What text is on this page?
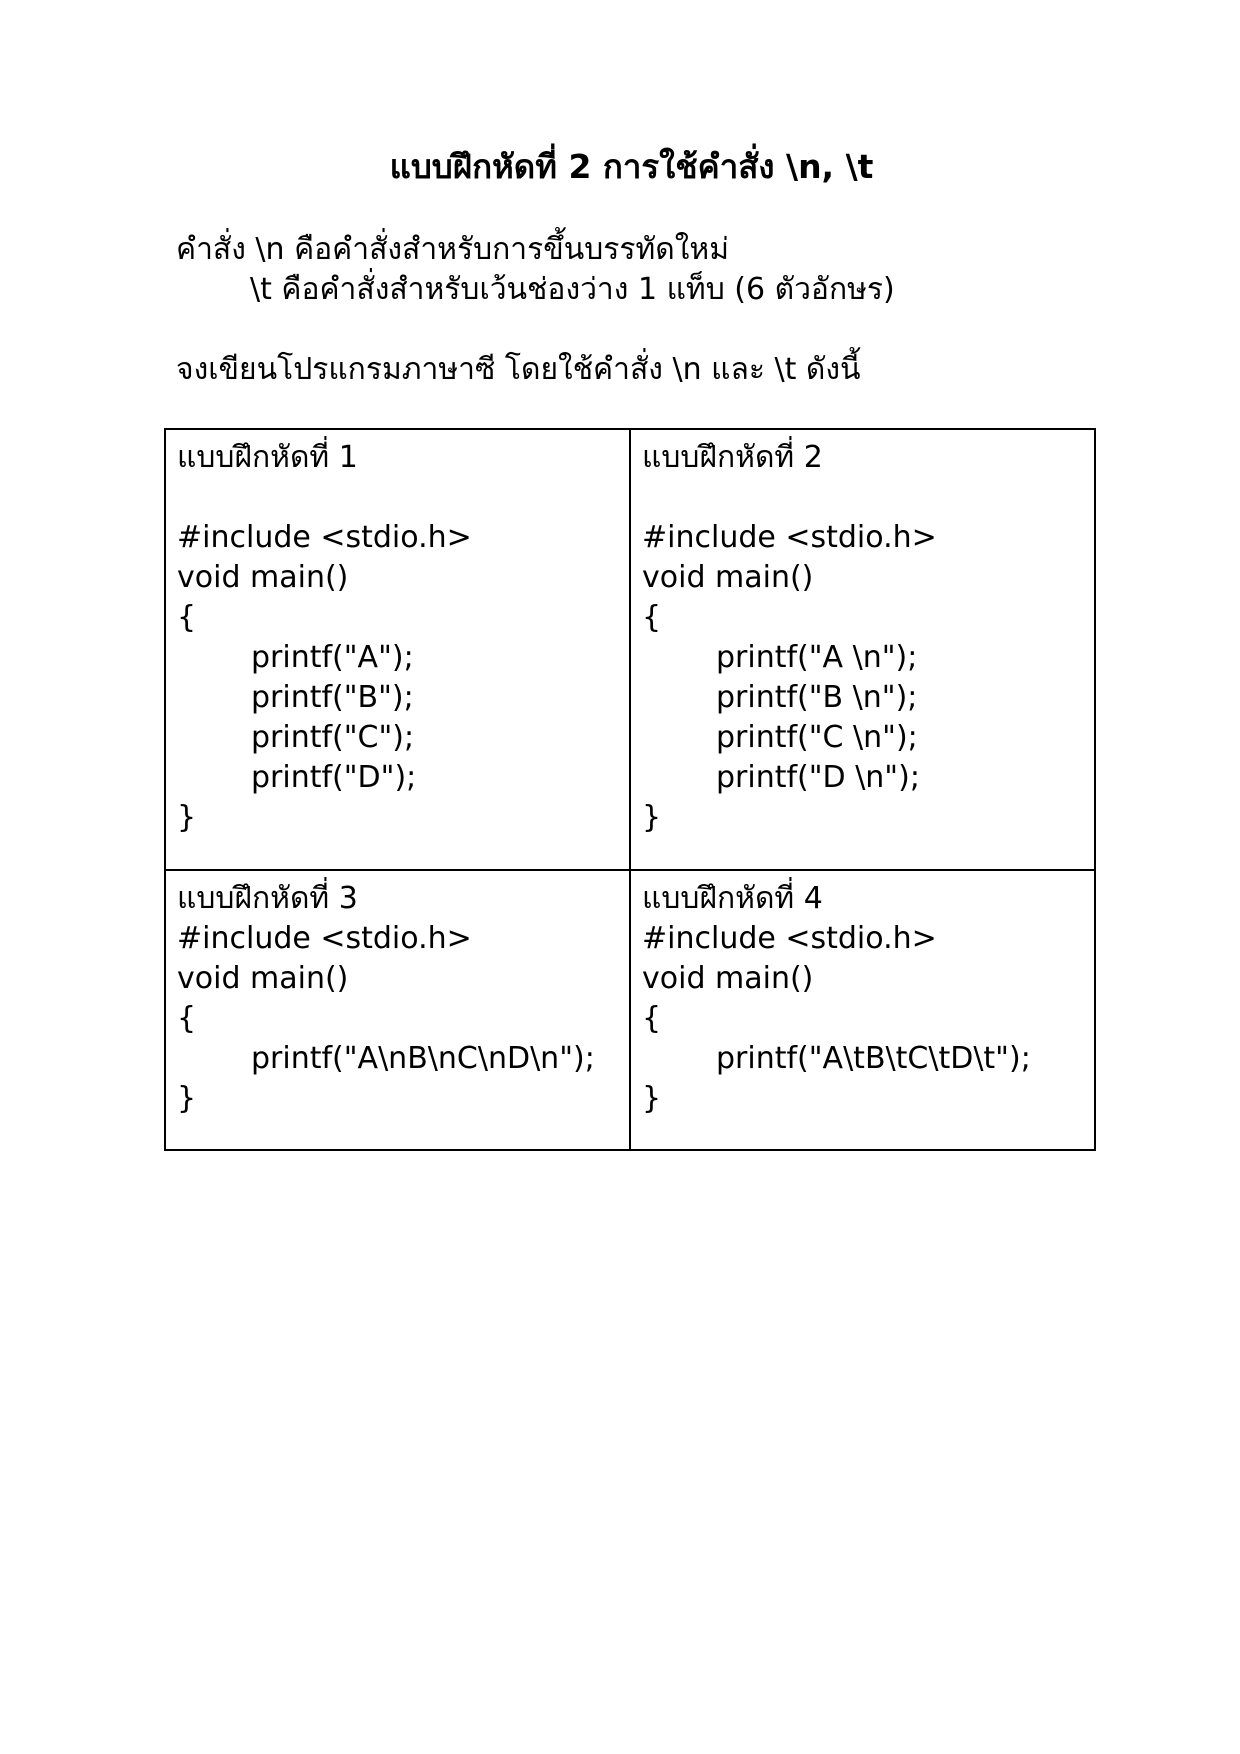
แบบฝึกหัดที่ 2 การใช้คำสั่ง \n, \t
คำสั่ง \n คือคำสั่งสำหรับการขึ้นบรรทัดใหม่
\t คือคำสั่งสำหรับเว้นช่องว่าง 1 แท็บ (6 ตัวอักษร)
จงเขียนโปรแกรมภาษาซี โดยใช้คำสั่ง \n และ \t ดังนี้
แบบฝึกหัดที่ 1
#include <stdio.h>
void main()
{
printf("A");
printf("B");
printf("C");
printf("D");
}
แบบฝึกหัดที่ 2
#include <stdio.h>
void main()
{
printf("A \n");
printf("B \n");
printf("C \n");
printf("D \n");
}
แบบฝึกหัดที่ 3
#include <stdio.h>
void main()
{
printf("A\nB\nC\nD\n");
}
แบบฝึกหัดที่ 4
#include <stdio.h>
void main()
{
printf("A\tB\tC\tD\t");
}
